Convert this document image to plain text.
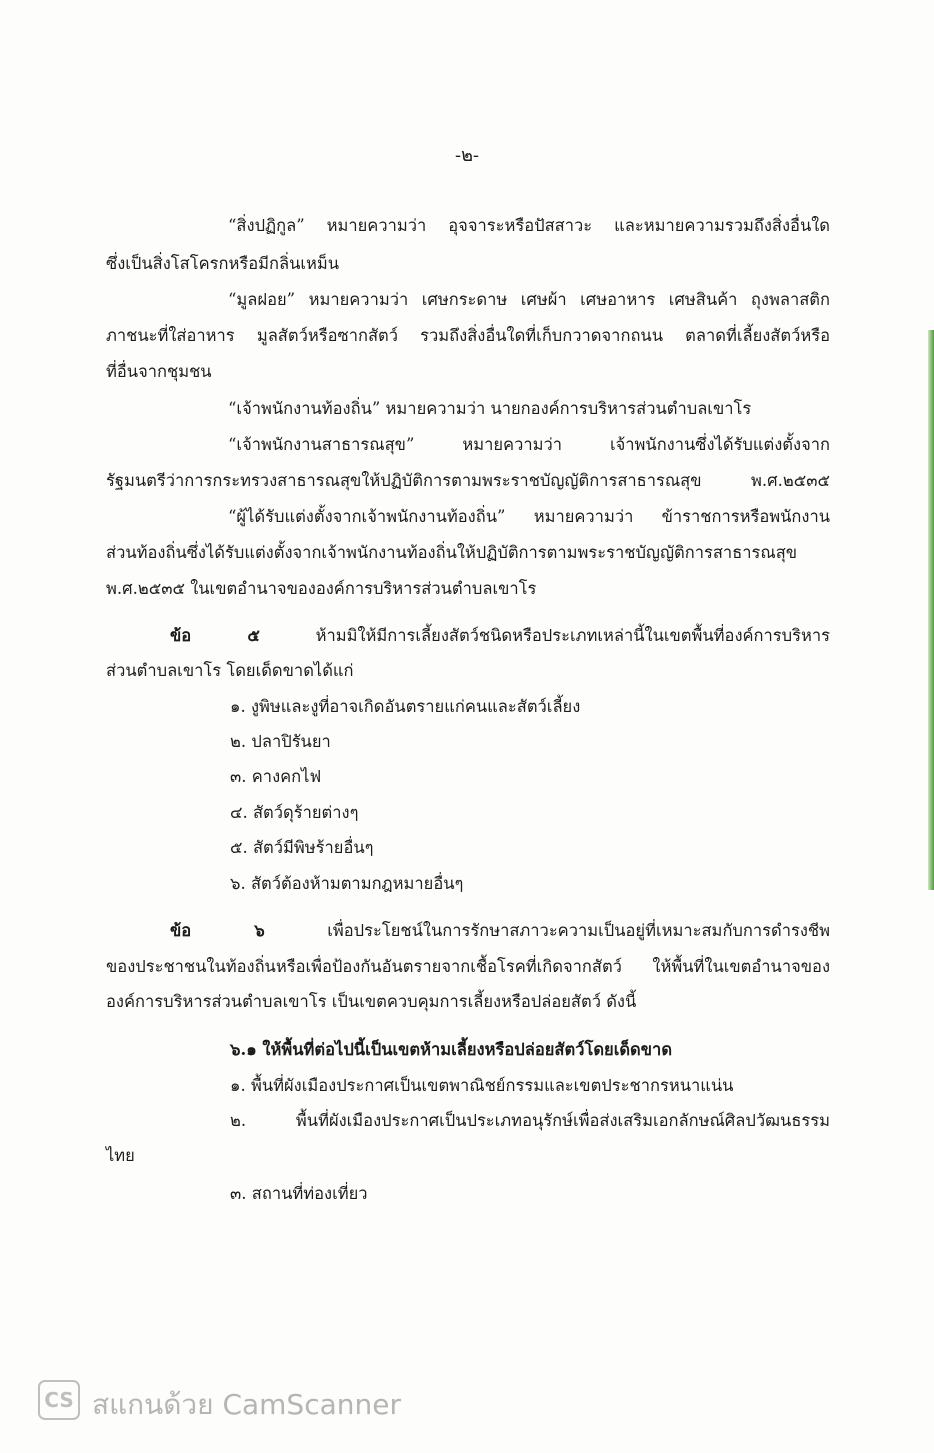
-๒-
“สิ่งปฏิกูล” หมายความว่า อุจจาระหรือปัสสาวะ และหมายความรวมถึงสิ่งอื่นใด
ซึ่งเป็นสิ่งโสโครกหรือมีกลิ่นเหม็น
“มูลฝอย” หมายความว่า เศษกระดาษ เศษผ้า เศษอาหาร เศษสินค้า ถุงพลาสติก
ภาชนะที่ใส่อาหาร มูลสัตว์หรือซากสัตว์ รวมถึงสิ่งอื่นใดที่เก็บกวาดจากถนน ตลาดที่เลี้ยงสัตว์หรือ
ที่อื่นจากชุมชน
“เจ้าพนักงานท้องถิ่น” หมายความว่า นายกองค์การบริหารส่วนตำบลเขาโร
“เจ้าพนักงานสาธารณสุข” หมายความว่า เจ้าพนักงานซึ่งได้รับแต่งตั้งจาก
รัฐมนตรีว่าการกระทรวงสาธารณสุขให้ปฏิบัติการตามพระราชบัญญัติการสาธารณสุข พ.ศ.๒๕๓๕
“ผู้ได้รับแต่งตั้งจากเจ้าพนักงานท้องถิ่น” หมายความว่า ข้าราชการหรือพนักงาน
ส่วนท้องถิ่นซึ่งได้รับแต่งตั้งจากเจ้าพนักงานท้องถิ่นให้ปฏิบัติการตามพระราชบัญญัติการสาธารณสุข
พ.ศ.๒๕๓๕ ในเขตอำนาจขององค์การบริหารส่วนตำบลเขาโร
ข้อ ๕ ห้ามมิให้มีการเลี้ยงสัตว์ชนิดหรือประเภทเหล่านี้ในเขตพื้นที่องค์การบริหาร
ส่วนตำบลเขาโร โดยเด็ดขาดได้แก่
๑. งูพิษและงูที่อาจเกิดอันตรายแก่คนและสัตว์เลี้ยง
๒. ปลาปิรันยา
๓. คางคกไฟ
๔. สัตว์ดุร้ายต่างๆ
๕. สัตว์มีพิษร้ายอื่นๆ
๖. สัตว์ต้องห้ามตามกฎหมายอื่นๆ
ข้อ ๖ เพื่อประโยชน์ในการรักษาสภาวะความเป็นอยู่ที่เหมาะสมกับการดำรงชีพ
ของประชาชนในท้องถิ่นหรือเพื่อป้องกันอันตรายจากเชื้อโรคที่เกิดจากสัตว์ ให้พื้นที่ในเขตอำนาจของ
องค์การบริหารส่วนตำบลเขาโร เป็นเขตควบคุมการเลี้ยงหรือปล่อยสัตว์ ดังนี้
๖.๑ ให้พื้นที่ต่อไปนี้เป็นเขตห้ามเลี้ยงหรือปล่อยสัตว์โดยเด็ดขาด
๑. พื้นที่ผังเมืองประกาศเป็นเขตพาณิชย์กรรมและเขตประชากรหนาแน่น
๒. พื้นที่ผังเมืองประกาศเป็นประเภทอนุรักษ์เพื่อส่งเสริมเอกลักษณ์ศิลปวัฒนธรรม
ไทย
๓. สถานที่ท่องเที่ยว
CS สแกนด้วย CamScanner
